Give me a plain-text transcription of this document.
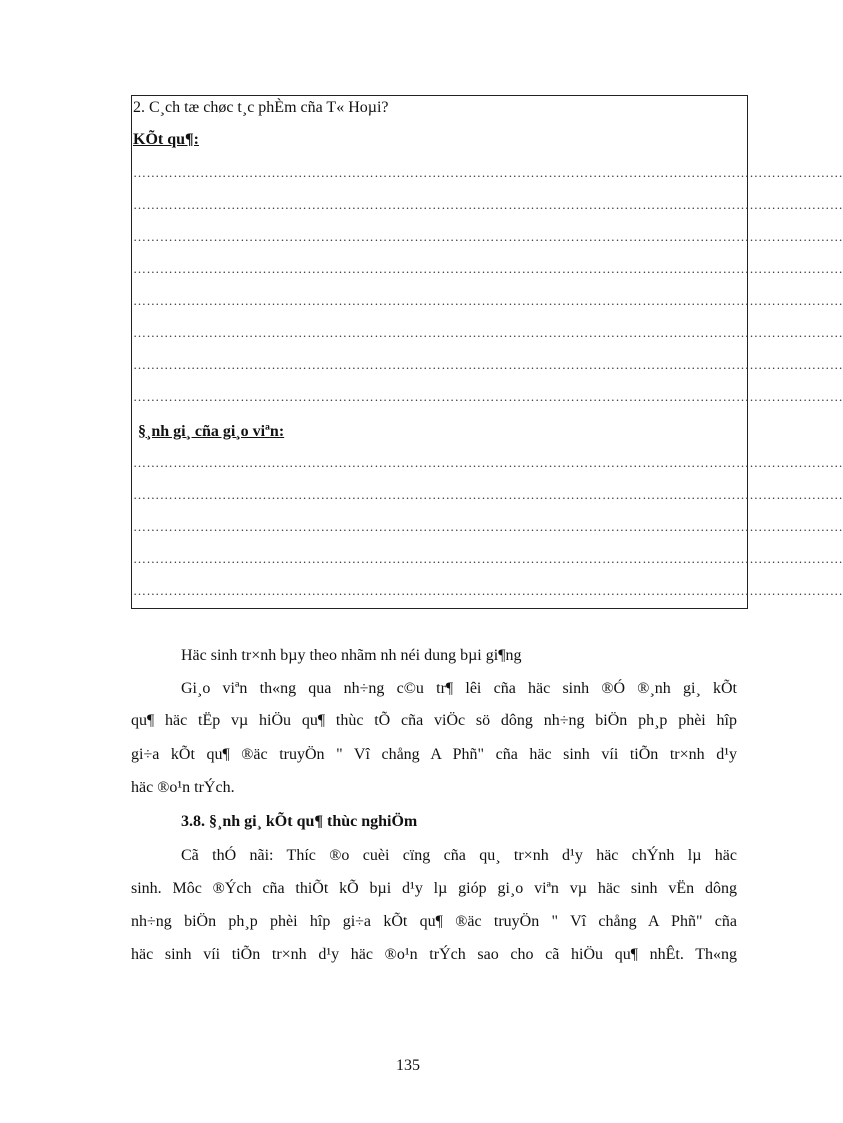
2. C¸ch tæ chøc t¸c phÈm cña T« Hoµi?
KÕt qu¶:
……………………………………………………………………………………………………………………………………………
……………………………………………………………………………………………………………………………………………
……………………………………………………………………………………………………………………………………………
……………………………………………………………………………………………………………………………………………
……………………………………………………………………………………………………………………………………………
……………………………………………………………………………………………………………………………………………
……………………………………………………………………………………………………………………………………………
……………………………………………………………………………………………………………………………………………
§¸nh gi¸ cña gi¸o viªn:
……………………………………………………………………………………………………………………………………………
……………………………………………………………………………………………………………………………………………
……………………………………………………………………………………………………………………………………………
……………………………………………………………………………………………………………………………………………
……………………………………………………………………………………………………………………………………………
Häc sinh tr×nh bµy theo nhãm nh néi dung bµi gi¶ng
Gi¸o viªn th«ng qua nh÷ng c©u tr¶ lêi cña häc sinh ®Ó ®¸nh gi¸ kÕt
qu¶ häc tËp vµ hiÖu qu¶ thùc tÕ cña viÖc sö dông nh÷ng biÖn ph¸p phèi hîp
gi÷a kÕt qu¶ ®äc truyÖn " Vî chång A Phñ" cña häc sinh víi tiÕn tr×nh d¹y
häc ®o¹n trÝch.
3.8. §¸nh gi¸ kÕt qu¶ thùc nghiÖm
Cã thÓ nãi: Thíc ®o cuèi cïng cña qu¸ tr×nh d¹y häc chÝnh lµ häc
sinh. Môc ®Ých cña thiÕt kÕ bµi d¹y lµ gióp gi¸o viªn vµ häc sinh vËn dông
nh÷ng biÖn ph¸p phèi hîp gi÷a kÕt qu¶ ®äc truyÖn " Vî chång A Phñ" cña
häc sinh víi tiÕn tr×nh d¹y häc ®o¹n trÝch sao cho cã hiÖu qu¶ nhÊt. Th«ng
135
